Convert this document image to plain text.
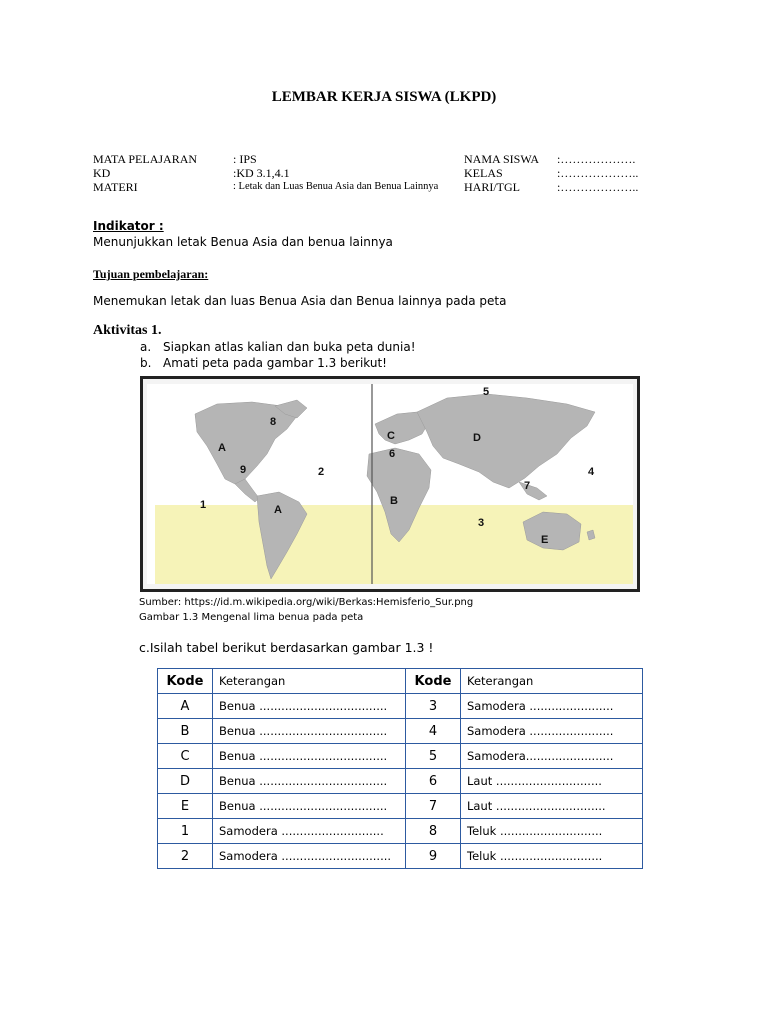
LEMBAR KERJA SISWA (LKPD)
MATA PELAJARAN	: IPS
KD	:KD 3.1,4.1
MATERI	: Letak dan Luas Benua Asia dan Benua Lainnya
NAMA SISWA	:……………….
KELAS	:………………..
HARI/TGL	:………………..
Indikator :
Menunjukkan letak Benua Asia dan benua lainnya
Tujuan pembelajaran:
Menemukan letak dan luas Benua Asia dan Benua lainnya pada peta
Aktivitas 1.
a. Siapkan atlas kalian dan buka peta dunia!
b. Amati peta pada gambar 1.3 berikut!
8
A
9	2
1	A
C
6
D
B
5
4
7
3
E
Sumber: https://id.m.wikipedia.org/wiki/Berkas:Hemisferio_Sur.png
Gambar 1.3 Mengenal lima benua pada peta
c.Isilah tabel berikut berdasarkan gambar 1.3 !
Kode	Keterangan	Kode	Keterangan
A	Benua ...................................	3	Samodera .......................
B	Benua ...................................	4	Samodera .......................
C	Benua ...................................	5	Samodera........................
D	Benua ...................................	6	Laut .............................
E	Benua ...................................	7	Laut ..............................
1	Samodera ............................	8	Teluk ............................
2	Samodera ..............................	9	Teluk ............................
